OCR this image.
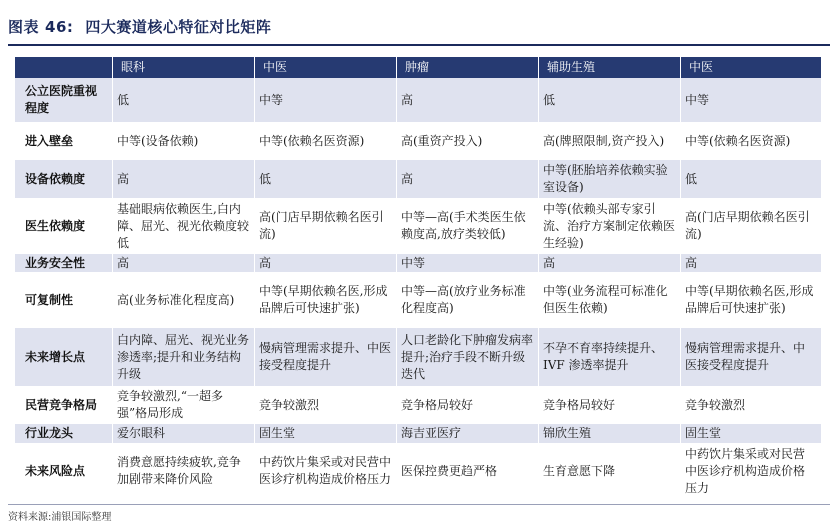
图表 46: 四大赛道核心特征对比矩阵
	眼科	中医	肿瘤	辅助生殖	中医
公立医院重视程度	低	中等	高	低	中等
进入壁垒	中等(设备依赖)	中等(依赖名医资源)	高(重资产投入)	高(牌照限制,资产投入)	中等(依赖名医资源)
设备依赖度	高	低	高	中等(胚胎培养依赖实验室设备)	低
医生依赖度	基础眼病依赖医生,白内障、屈光、视光依赖度较低	高(门店早期依赖名医引流)	中等—高(手术类医生依赖度高,放疗类较低)	中等(依赖头部专家引流、治疗方案制定依赖医生经验)	高(门店早期依赖名医引流)
业务安全性	高	高	中等	高	高
可复制性	高(业务标准化程度高)	中等(早期依赖名医,形成品牌后可快速扩张)	中等—高(放疗业务标准化程度高)	中等(业务流程可标准化但医生依赖)	中等(早期依赖名医,形成品牌后可快速扩张)
未来增长点	白内障、屈光、视光业务渗透率;提升和业务结构升级	慢病管理需求提升、中医接受程度提升	人口老龄化下肿瘤发病率提升;治疗手段不断升级迭代	不孕不育率持续提升、IVF 渗透率提升	慢病管理需求提升、中医接受程度提升
民营竞争格局	竞争较激烈,“一超多强”格局形成	竞争较激烈	竞争格局较好	竞争格局较好	竞争较激烈
行业龙头	爱尔眼科	固生堂	海吉亚医疗	锦欣生殖	固生堂
未来风险点	消费意愿持续疲软,竞争加剧带来降价风险	中药饮片集采或对民营中医诊疗机构造成价格压力	医保控费更趋严格	生育意愿下降	中药饮片集采或对民营中医诊疗机构造成价格压力
资料来源:浦银国际整理
